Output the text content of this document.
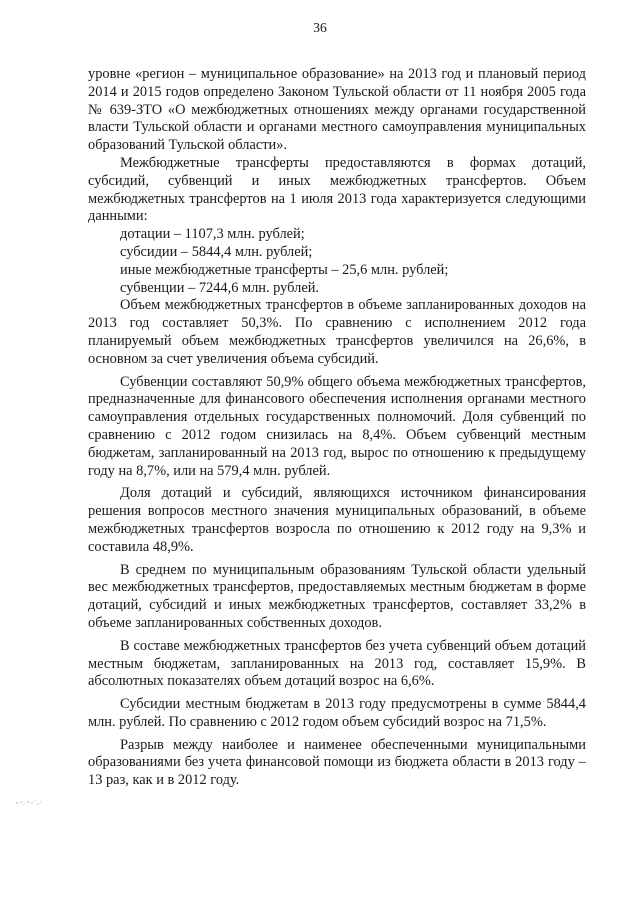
36

уровне «регион – муниципальное образование» на 2013 год и плановый период 2014 и 2015 годов определено Законом Тульской области от 11 ноября 2005 года № 639-ЗТО «О межбюджетных отношениях между органами государственной власти Тульской области и органами местного самоуправления муниципальных образований Тульской области».

Межбюджетные трансферты предоставляются в формах дотаций, субсидий, субвенций и иных межбюджетных трансфертов. Объем межбюджетных трансфертов на 1 июля 2013 года характеризуется следующими данными:

дотации – 1107,3 млн. рублей;

субсидии – 5844,4 млн. рублей;

иные межбюджетные трансферты – 25,6 млн. рублей;

субвенции – 7244,6 млн. рублей.

Объем межбюджетных трансфертов в объеме запланированных доходов на 2013 год составляет 50,3%. По сравнению с исполнением 2012 года планируемый объем межбюджетных трансфертов увеличился на 26,6%, в основном за счет увеличения объема субсидий.

Субвенции составляют 50,9% общего объема межбюджетных трансфертов, предназначенные для финансового обеспечения исполнения органами местного самоуправления отдельных государственных полномочий. Доля субвенций по сравнению с 2012 годом снизилась на 8,4%. Объем субвенций местным бюджетам, запланированный на 2013 год, вырос по отношению к предыдущему году на 8,7%, или на 579,4 млн. рублей.

Доля дотаций и субсидий, являющихся источником финансирования решения вопросов местного значения муниципальных образований, в объеме межбюджетных трансфертов возросла по отношению к 2012 году на 9,3% и составила 48,9%.

В среднем по муниципальным образованиям Тульской области удельный вес межбюджетных трансфертов, предоставляемых местным бюджетам в форме дотаций, субсидий и иных межбюджетных трансфертов, составляет 33,2% в объеме запланированных собственных доходов.

В составе межбюджетных трансфертов без учета субвенций объем дотаций местным бюджетам, запланированных на 2013 год, составляет 15,9%. В абсолютных показателях объем дотаций возрос на 6,6%.

Субсидии местным бюджетам в 2013 году предусмотрены в сумме 5844,4 млн. рублей. По сравнению с 2012 годом объем субсидий возрос на 71,5%.

Разрыв между наиболее и наименее обеспеченными муниципальными образованиями без учета финансовой помощи из бюджета области в 2013 году – 13 раз, как и в 2012 году.
